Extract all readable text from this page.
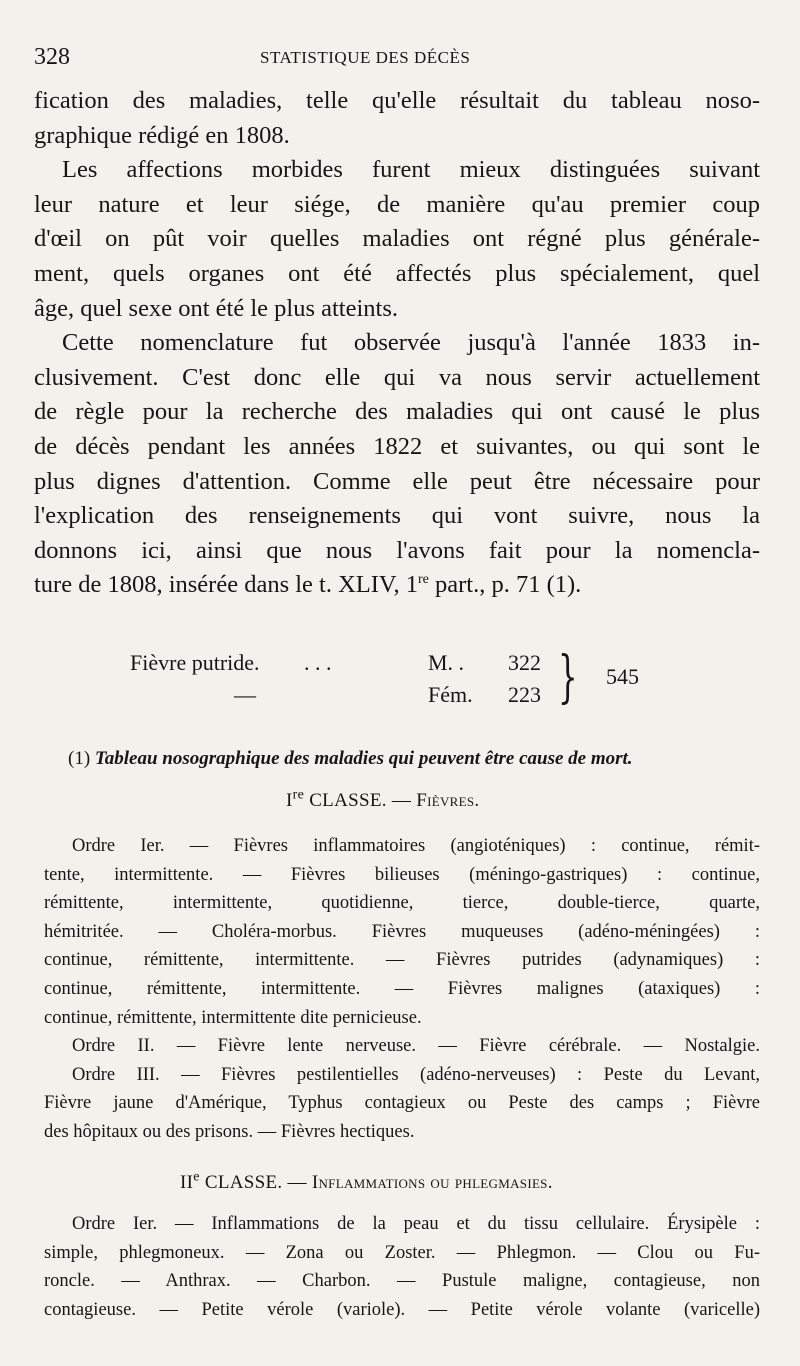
328	STATISTIQUE DES DÉCÈS
fication des maladies, telle qu'elle résultait du tableau noso-
graphique rédigé en 1808.
Les affections morbides furent mieux distinguées suivant
leur nature et leur siége, de manière qu'au premier coup
d'œil on pût voir quelles maladies ont régné plus générale-
ment, quels organes ont été affectés plus spécialement, quel
âge, quel sexe ont été le plus atteints.
Cette nomenclature fut observée jusqu'à l'année 1833 in-
clusivement. C'est donc elle qui va nous servir actuellement
de règle pour la recherche des maladies qui ont causé le plus
de décès pendant les années 1822 et suivantes, ou qui sont le
plus dignes d'attention. Comme elle peut être nécessaire pour
l'explication des renseignements qui vont suivre, nous la
donnons ici, ainsi que nous l'avons fait pour la nomencla-
ture de 1808, insérée dans le t. XLIV, 1re part., p. 71 (1).
Fièvre putride. . . .	M. . 322
—	Fém. 223 } 545
(1) Tableau nosographique des maladies qui peuvent être cause de mort.
Ire CLASSE. — Fièvres.
Ordre Ier. — Fièvres inflammatoires (angioténiques) : continue, rémit-
tente, intermittente. — Fièvres bilieuses (méningo-gastriques) : continue,
rémittente, intermittente, quotidienne, tierce, double-tierce, quarte,
hémitritée. — Choléra-morbus. Fièvres muqueuses (adéno-méningées) :
continue, rémittente, intermittente. — Fièvres putrides (adynamiques) :
continue, rémittente, intermittente. — Fièvres malignes (ataxiques) :
continue, rémittente, intermittente dite pernicieuse.
Ordre II. — Fièvre lente nerveuse. — Fièvre cérébrale. — Nostalgie.
Ordre III. — Fièvres pestilentielles (adéno-nerveuses) : Peste du Levant,
Fièvre jaune d'Amérique, Typhus contagieux ou Peste des camps ; Fièvre
des hôpitaux ou des prisons. — Fièvres hectiques.
IIe CLASSE. — Inflammations ou phlegmasies.
Ordre Ier. — Inflammations de la peau et du tissu cellulaire. Érysipèle :
simple, phlegmoneux. — Zona ou Zoster. — Phlegmon. — Clou ou Fu-
roncle. — Anthrax. — Charbon. — Pustule maligne, contagieuse, non
contagieuse. — Petite vérole (variole). — Petite vérole volante (varicelle)
